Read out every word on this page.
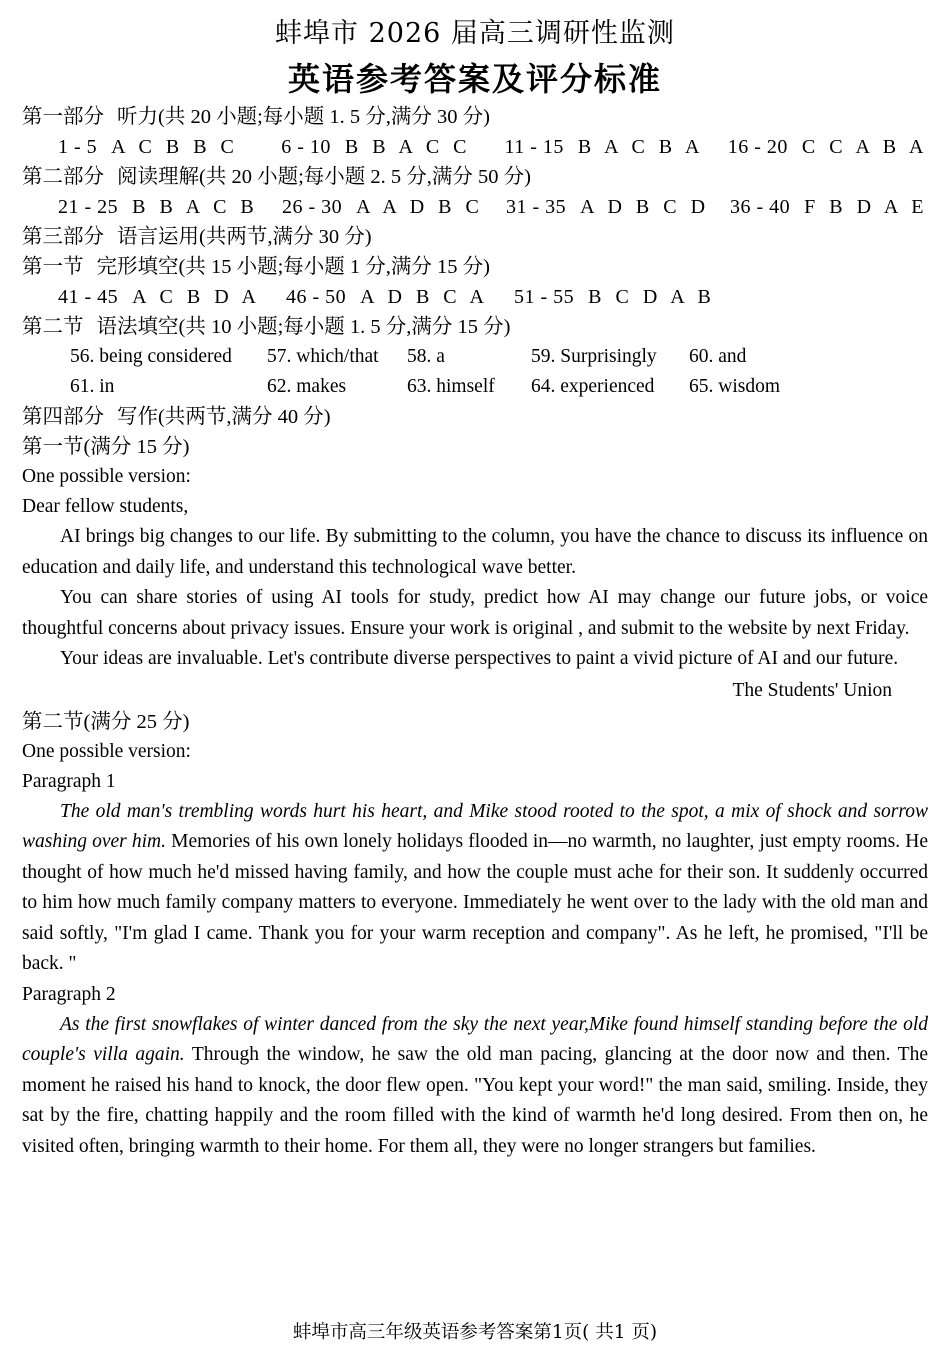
蚌埠市 2026 届高三调研性监测
英语参考答案及评分标准
第一部分 听力(共 20 小题;每小题 1. 5 分,满分 30 分)
1 - 5 A C B B C 6 - 10 B B A C C 11 - 15 B A C B A 16 - 20 C C A B A
第二部分 阅读理解(共 20 小题;每小题 2. 5 分,满分 50 分)
21 - 25 B B A C B 26 - 30 A A D B C 31 - 35 A D B C D 36 - 40 F B D A E
第三部分 语言运用(共两节,满分 30 分)
第一节 完形填空(共 15 小题;每小题 1 分,满分 15 分)
41 - 45 A C B D A 46 - 50 A D B C A 51 - 55 B C D A B
第二节 语法填空(共 10 小题;每小题 1. 5 分,满分 15 分)
56. being considered	57. which/that	58. a	59. Surprisingly	60. and
61. in	62. makes	63. himself	64. experienced	65. wisdom
第四部分 写作(共两节,满分 40 分)
第一节(满分 15 分)
One possible version:
Dear fellow students,

AI brings big changes to our life. By submitting to the column, you have the chance to discuss its influence on education and daily life, and understand this technological wave better.

You can share stories of using AI tools for study, predict how AI may change our future jobs, or voice thoughtful concerns about privacy issues. Ensure your work is original , and submit to the website by next Friday.

Your ideas are invaluable. Let's contribute diverse perspectives to paint a vivid picture of AI and our future.

The Students' Union
第二节(满分 25 分)
One possible version:
Paragraph 1

The old man's trembling words hurt his heart, and Mike stood rooted to the spot, a mix of shock and sorrow washing over him. Memories of his own lonely holidays flooded in—no warmth, no laughter, just empty rooms. He thought of how much he'd missed having family, and how the couple must ache for their son. It suddenly occurred to him how much family company matters to everyone. Immediately he went over to the lady with the old man and said softly, "I'm glad I came. Thank you for your warm reception and company". As he left, he promised, "I'll be back. "

Paragraph 2

As the first snowflakes of winter danced from the sky the next year,Mike found himself standing before the old couple's villa again. Through the window, he saw the old man pacing, glancing at the door now and then. The moment he raised his hand to knock, the door flew open. "You kept your word!" the man said, smiling. Inside, they sat by the fire, chatting happily and the room filled with the kind of warmth he'd long desired. From then on, he visited often, bringing warmth to their home. For them all, they were no longer strangers but families.

蚌埠市高三年级英语参考答案第1页( 共1 页)
